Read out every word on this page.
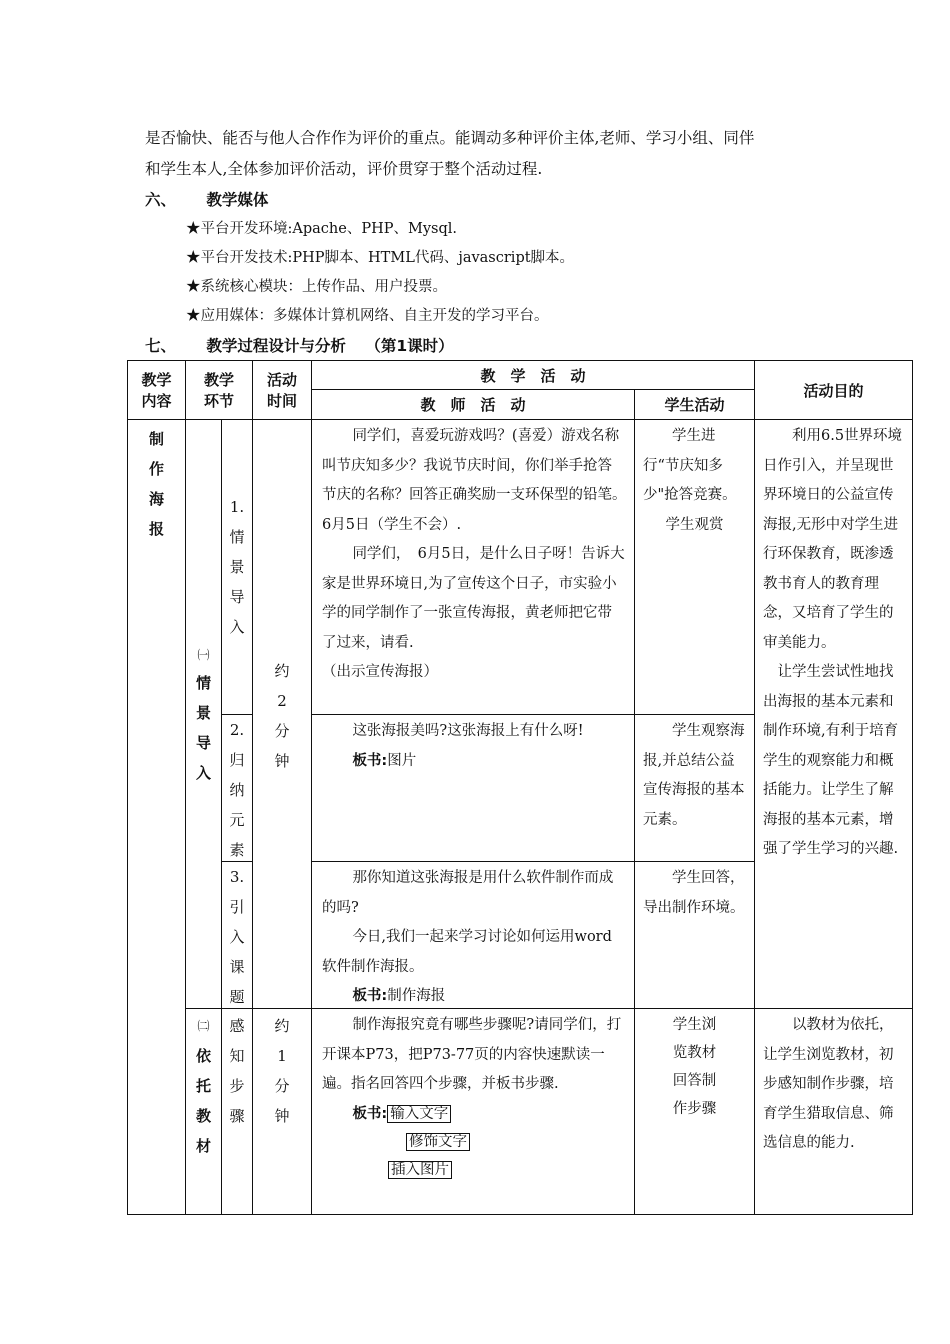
是否愉快、能否与他人合作作为评价的重点。能调动多种评价主体,老师、学习小组、同伴
和学生本人,全体参加评价活动，评价贯穿于整个活动过程.
六、 教学媒体
★平台开发环境:Apache、PHP、Mysql.
★平台开发技术:PHP脚本、HTML代码、javascript脚本。
★系统核心模块：上传作品、用户投票。
★应用媒体：多媒体计算机网络、自主开发的学习平台。
七、 教学过程设计与分析 （第1课时）
教学
内容
教学
环节
活动
时间
教　学　活　动
教　师　活　动	学生活动
活动目的
制
作
海
报
㈠
情
景
导
入
1.
情
景
导
入
2.
归
纳
元
素
3.
引
入
课
题
约
2
分
钟

同学们，喜爱玩游戏吗？(喜爱）游戏名称叫节庆知多少？我说节庆时间，你们举手抢答节庆的名称？回答正确奖励一支环保型的铅笔。　6月5日（学生不会）.

同学们，　6月5日，是什么日子呀！告诉大家是世界环境日,为了宣传这个日子，市实验小学的同学制作了一张宣传海报，黄老师把它带了过来，请看.

（出示宣传海报）

学生进行“节庆知多少"抢答竞赛。

学生观赏

这张海报美吗?这张海报上有什么呀!

板书:图片

学生观察海报,并总结公益宣传海报的基本元素。

那你知道这张海报是用什么软件制作而成的吗?

今日,我们一起来学习讨论如何运用word软件制作海报。

板书:制作海报

学生回答，导出制作环境。

利用6.5世界环境日作引入，并呈现世界环境日的公益宣传海报,无形中对学生进行环保教育，既渗透教书育人的教育理念，又培育了学生的审美能力。

让学生尝试性地找出海报的基本元素和制作环境,有利于培育学生的观察能力和概括能力。让学生了解海报的基本元素，增强了学生学习的兴趣.

㈡
依
托
教
材
感
知
步
骤
约
1
分
钟

制作海报究竟有哪些步骤呢?请同学们，打开课本P73，把P73-77页的内容快速默读一遍。指名回答四个步骤，并板书步骤.

板书: 输入文字

修饰文字

插入图片

学生浏
览教材
回答制
作步骤

以教材为依托，让学生浏览教材，初步感知制作步骤，培育学生猎取信息、筛选信息的能力.
